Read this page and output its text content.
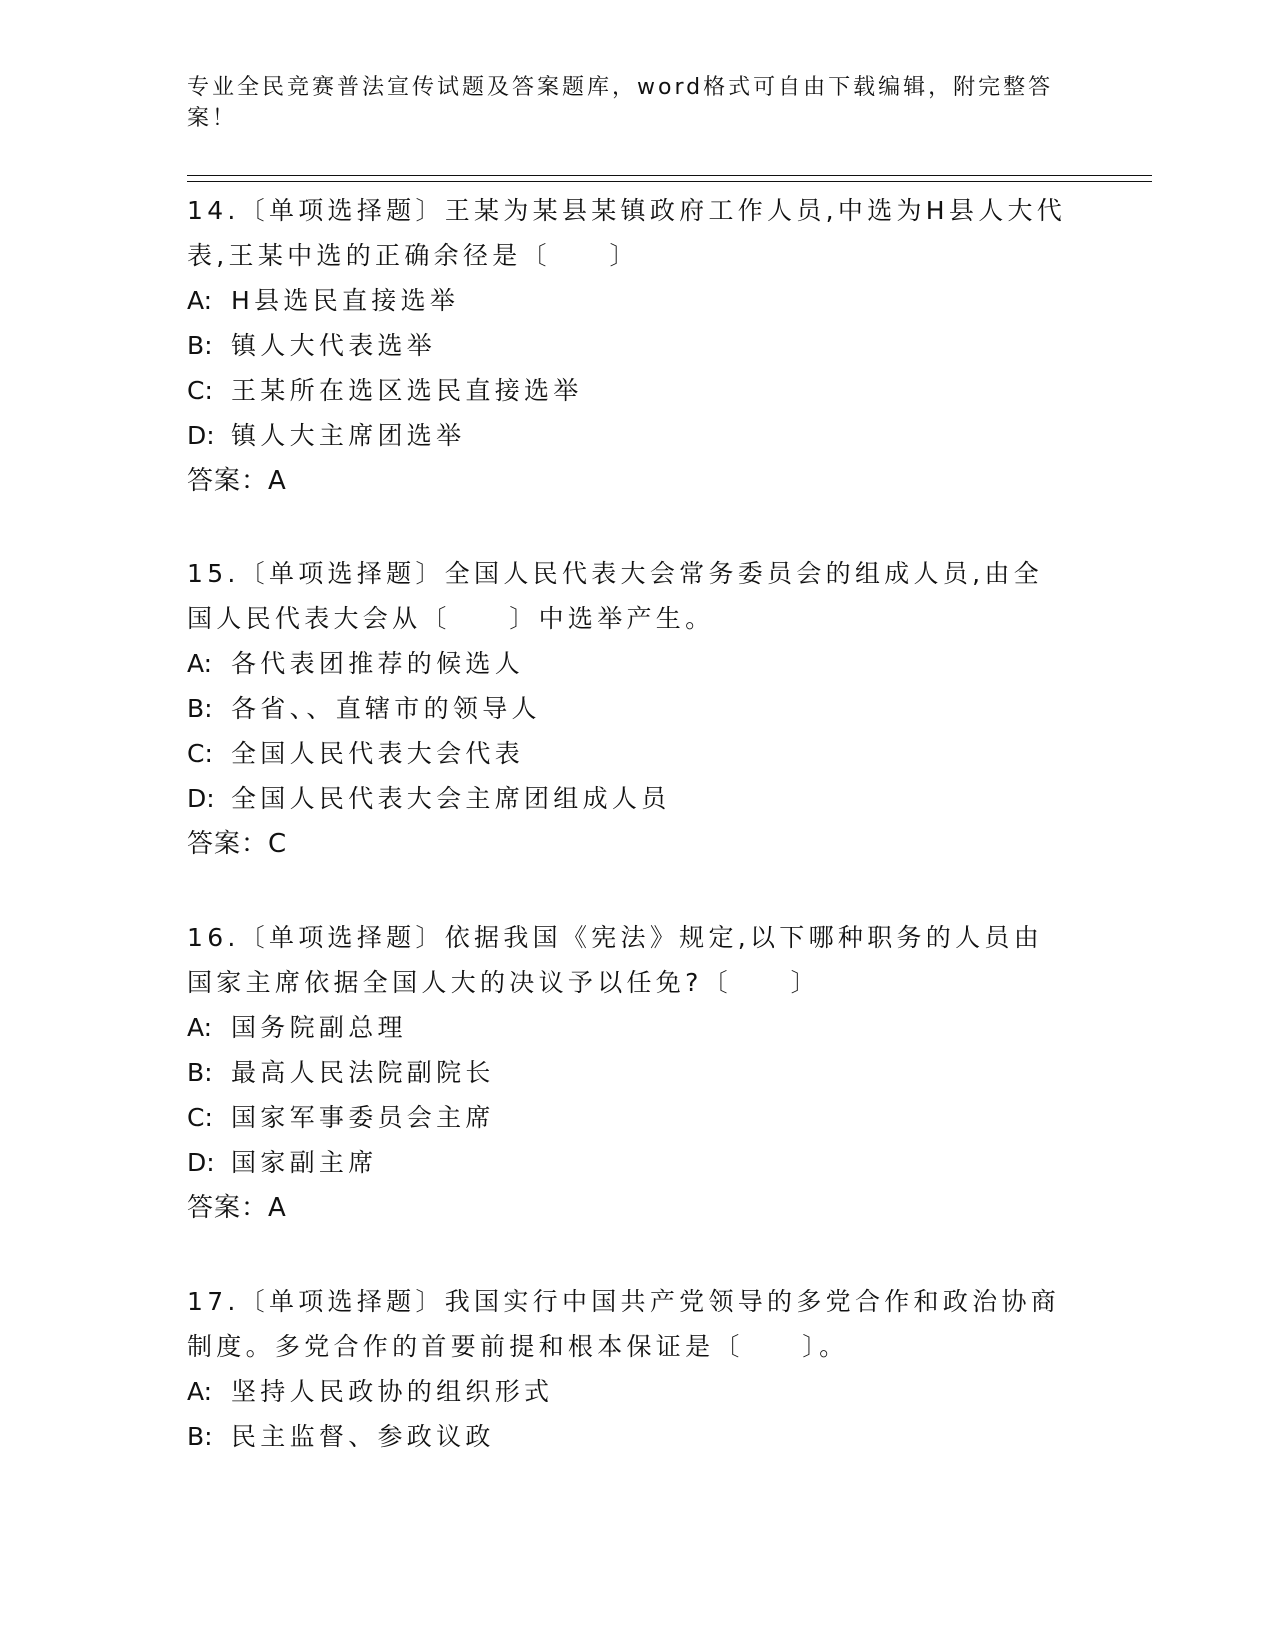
专业全民竞赛普法宣传试题及答案题库，word格式可自由下载编辑，附完整答案！

14.〔单项选择题〕王某为某县某镇政府工作人员,中选为H县人大代表,王某中选的正确余径是〔　　〕

A: H县选民直接选举

B: 镇人大代表选举

C: 王某所在选区选民直接选举

D: 镇人大主席团选举

答案：A

15.〔单项选择题〕全国人民代表大会常务委员会的组成人员,由全国人民代表大会从〔　　〕中选举产生。

A: 各代表团推荐的候选人

B: 各省、、直辖市的领导人

C: 全国人民代表大会代表

D: 全国人民代表大会主席团组成人员

答案：C

16.〔单项选择题〕依据我国《宪法》规定,以下哪种职务的人员由国家主席依据全国人大的决议予以任免?〔　　〕

A: 国务院副总理

B: 最高人民法院副院长

C: 国家军事委员会主席

D: 国家副主席

答案：A

17.〔单项选择题〕我国实行中国共产党领导的多党合作和政治协商制度。多党合作的首要前提和根本保证是〔　　〕。

A: 坚持人民政协的组织形式

B: 民主监督、参政议政
